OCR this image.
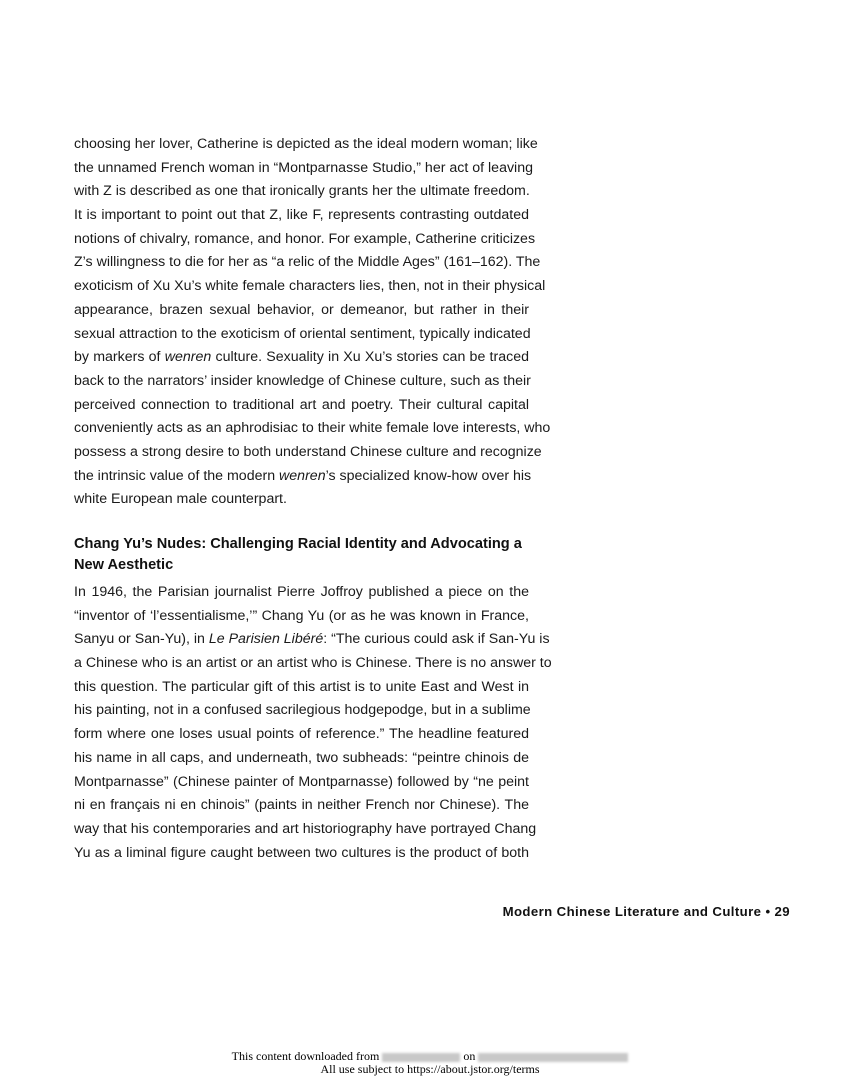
choosing her lover, Catherine is depicted as the ideal modern woman; like
the unnamed French woman in “Montparnasse Studio,” her act of leaving
with Z is described as one that ironically grants her the ultimate freedom.
It is important to point out that Z, like F, represents contrasting outdated
notions of chivalry, romance, and honor. For example, Catherine criticizes
Z’s willingness to die for her as “a relic of the Middle Ages” (161–162). The
exoticism of Xu Xu’s white female characters lies, then, not in their physical
appearance, brazen sexual behavior, or demeanor, but rather in their
sexual attraction to the exoticism of oriental sentiment, typically indicated
by markers of wenren culture. Sexuality in Xu Xu’s stories can be traced
back to the narrators’ insider knowledge of Chinese culture, such as their
perceived connection to traditional art and poetry. Their cultural capital
conveniently acts as an aphrodisiac to their white female love interests, who
possess a strong desire to both understand Chinese culture and recognize
the intrinsic value of the modern wenren’s specialized know-how over his
white European male counterpart.
Chang Yu’s Nudes: Challenging Racial Identity and Advocating a New Aesthetic
In 1946, the Parisian journalist Pierre Joffroy published a piece on the
“inventor of ‘l’essentialisme,’” Chang Yu (or as he was known in France,
Sanyu or San-Yu), in Le Parisien Libéré: “The curious could ask if San-Yu is
a Chinese who is an artist or an artist who is Chinese. There is no answer to
this question. The particular gift of this artist is to unite East and West in
his painting, not in a confused sacrilegious hodgepodge, but in a sublime
form where one loses usual points of reference.” The headline featured
his name in all caps, and underneath, two subheads: “peintre chinois de
Montparnasse” (Chinese painter of Montparnasse) followed by “ne peint
ni en français ni en chinois” (paints in neither French nor Chinese). The
way that his contemporaries and art historiography have portrayed Chang
Yu as a liminal figure caught between two cultures is the product of both
Modern Chinese Literature and Culture • 29
This content downloaded from	on
All use subject to https://about.jstor.org/terms
